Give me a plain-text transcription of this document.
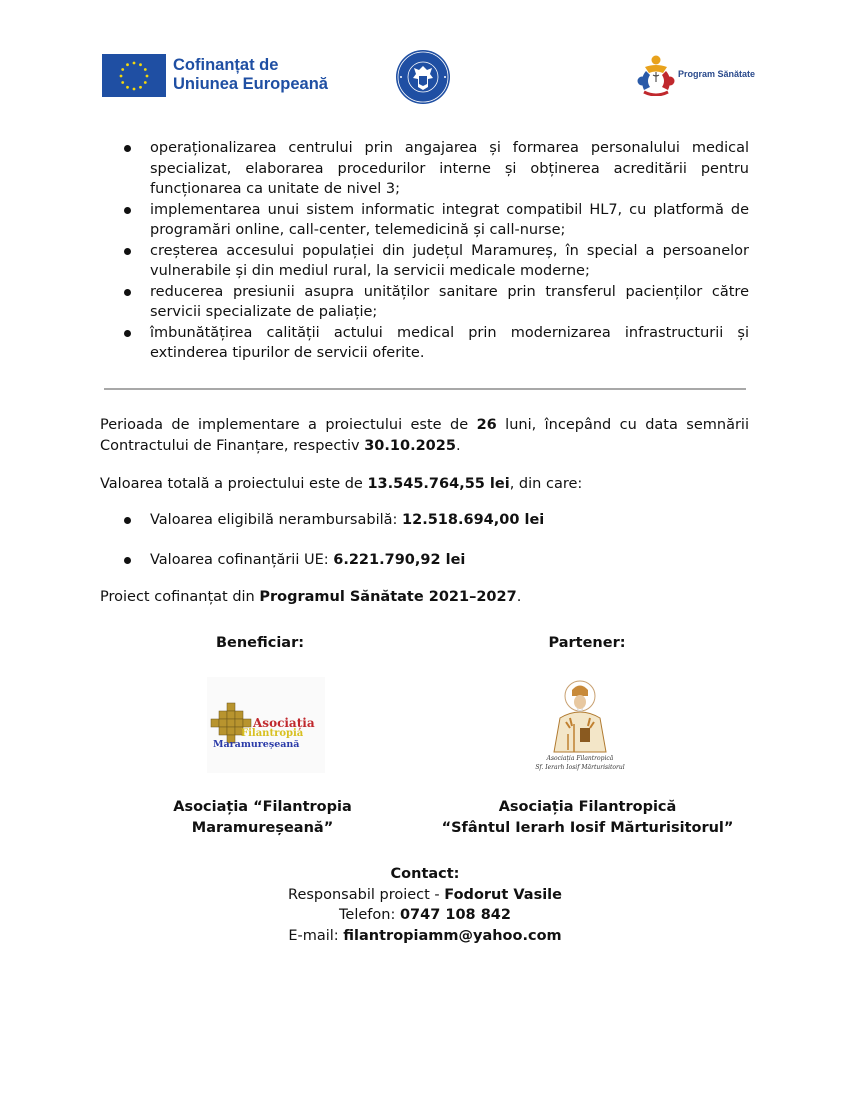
Cofinanțat de
Uniunea Europeană
Program Sănătate
operaționalizarea centrului prin angajarea și formarea personalului medical specializat, elaborarea procedurilor interne și obținerea acreditării pentru funcționarea ca unitate de nivel 3;
implementarea unui sistem informatic integrat compatibil HL7, cu platformă de programări online, call-center, telemedicină și call-nurse;
creșterea accesului populației din județul Maramureș, în special a persoanelor vulnerabile și din mediul rural, la servicii medicale moderne;
reducerea presiunii asupra unităților sanitare prin transferul pacienților către servicii specializate de paliație;
îmbunătățirea calității actului medical prin modernizarea infrastructurii și extinderea tipurilor de servicii oferite.

Perioada de implementare a proiectului este de 26 luni, începând cu data semnării Contractului de Finanțare, respectiv 30.10.2025.

Valoarea totală a proiectului este de 13.545.764,55 lei, din care:

Valoarea eligibilă nerambursabilă: 12.518.694,00 lei
Valoarea cofinanțării UE: 6.221.790,92 lei

Proiect cofinanțat din Programul Sănătate 2021–2027.

Beneficiar:
Asociația
Filantropia
Maramureșeană
Asociația “Filantropia Maramureșeană”
Partener:
Asociația Filantropică
Sf. Ierarh Iosif Mărturisitorul
Asociația Filantropică
“Sfântul Ierarh Iosif Mărturisitorul”
Contact:
Responsabil proiect - Fodorut Vasile
Telefon: 0747 108 842
E-mail: filantropiamm@yahoo.com
